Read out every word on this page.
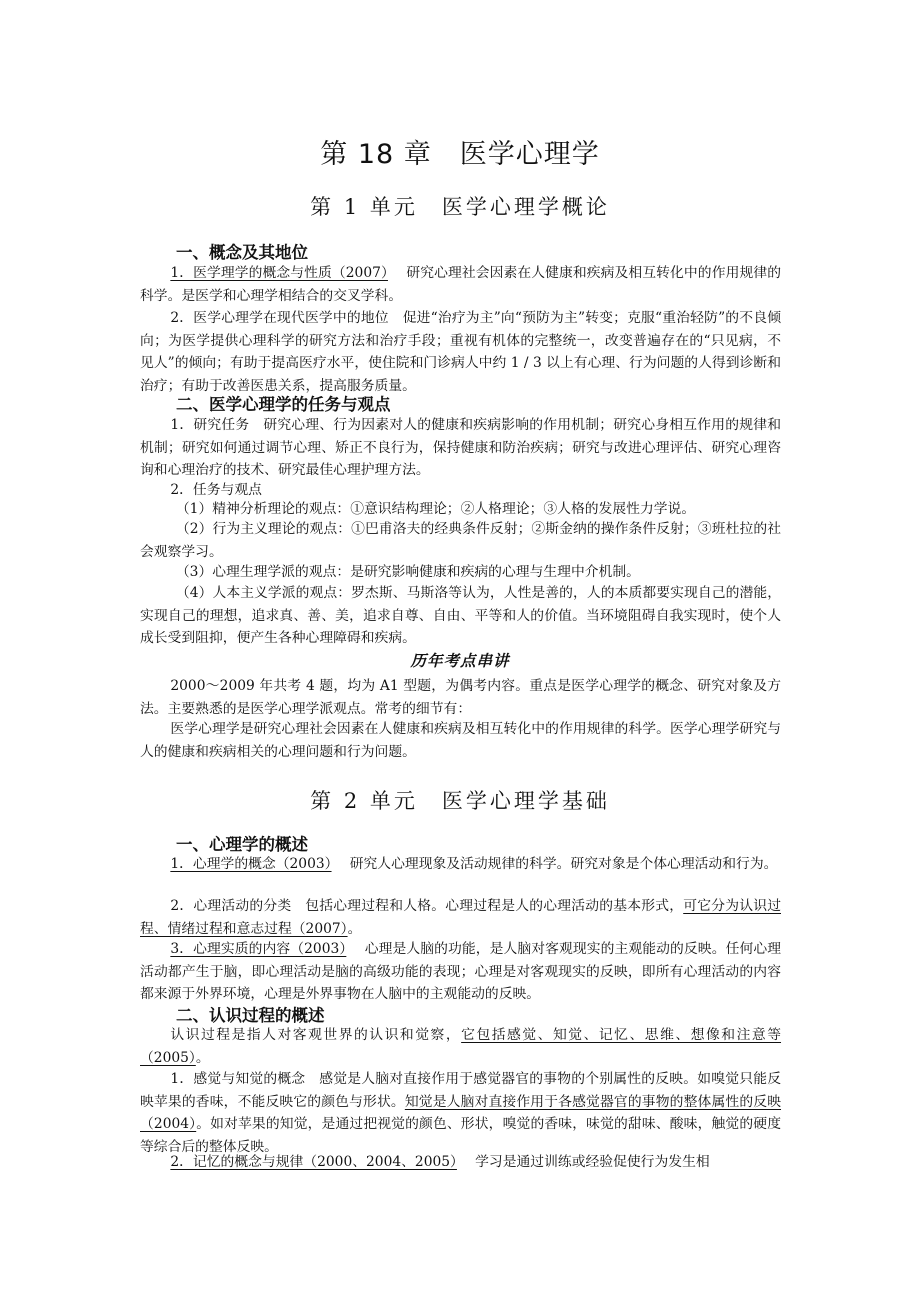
第 18 章　医学心理学
第 1 单元　医学心理学概论
一、概念及其地位
1．医学理学的概念与性质（2007）　 研究心理社会因素在人健康和疾病及相互转化中的作用规律的科学。是医学和心理学相结合的交叉学科。
2．医学心理学在现代医学中的地位　促进“治疗为主”向“预防为主”转变；克服“重治轻防”的不良倾向；为医学提供心理科学的研究方法和治疗手段；重视有机体的完整统一，改变普遍存在的“只见病，不见人”的倾向；有助于提高医疗水平，使住院和门诊病人中约 1 / 3 以上有心理、行为问题的人得到诊断和治疗；有助于改善医患关系，提高服务质量。
二、医学心理学的任务与观点
1．研究任务　研究心理、行为因素对人的健康和疾病影响的作用机制；研究心身相互作用的规律和机制；研究如何通过调节心理、矫正不良行为，保持健康和防治疾病；研究与改进心理评估、研究心理咨询和心理治疗的技术、研究最佳心理护理方法。
2．任务与观点
（1）精神分析理论的观点：①意识结构理论；②人格理论；③人格的发展性力学说。
（2）行为主义理论的观点：①巴甫洛夫的经典条件反射；②斯金纳的操作条件反射；③班杜拉的社会观察学习。
（3）心理生理学派的观点：是研究影响健康和疾病的心理与生理中介机制。
（4）人本主义学派的观点：罗杰斯、马斯洛等认为，人性是善的，人的本质都要实现自己的潜能，实现自己的理想，追求真、善、美，追求自尊、自由、平等和人的价值。当环境阻碍自我实现时，使个人成长受到阻抑，便产生各种心理障碍和疾病。
历年考点串讲
2000～2009 年共考 4 题，均为 A1 型题，为偶考内容。重点是医学心理学的概念、研究对象及方法。主要熟悉的是医学心理学派观点。常考的细节有：
医学心理学是研究心理社会因素在人健康和疾病及相互转化中的作用规律的科学。医学心理学研究与人的健康和疾病相关的心理问题和行为问题。
第 2 单元　医学心理学基础
一、心理学的概述
1．心理学的概念（2003）　 研究人心理现象及活动规律的科学。研究对象是个体心理活动和行为。
2．心理活动的分类　包括心理过程和人格。心理过程是人的心理活动的基本形式，可它分为认识过程、情绪过程和意志过程（2007）。
3．心理实质的内容（2003）　 心理是人脑的功能，是人脑对客观现实的主观能动的反映。任何心理活动都产生于脑，即心理活动是脑的高级功能的表现；心理是对客观现实的反映，即所有心理活动的内容都来源于外界环境，心理是外界事物在人脑中的主观能动的反映。
二、认识过程的概述
认识过程是指人对客观世界的认识和觉察，它包括感觉、知觉、记忆、思维、想像和注意等（2005）。
1．感觉与知觉的概念　感觉是人脑对直接作用于感觉器官的事物的个别属性的反映。如嗅觉只能反映苹果的香味，不能反映它的颜色与形状。知觉是人脑对直接作用于各感觉器官的事物的整体属性的反映（2004）。如对苹果的知觉，是通过把视觉的颜色、形状，嗅觉的香味，味觉的甜味、酸味，触觉的硬度等综合后的整体反映。
2．记忆的概念与规律（2000、2004、2005）　 学习是通过训练或经验促使行为发生相
